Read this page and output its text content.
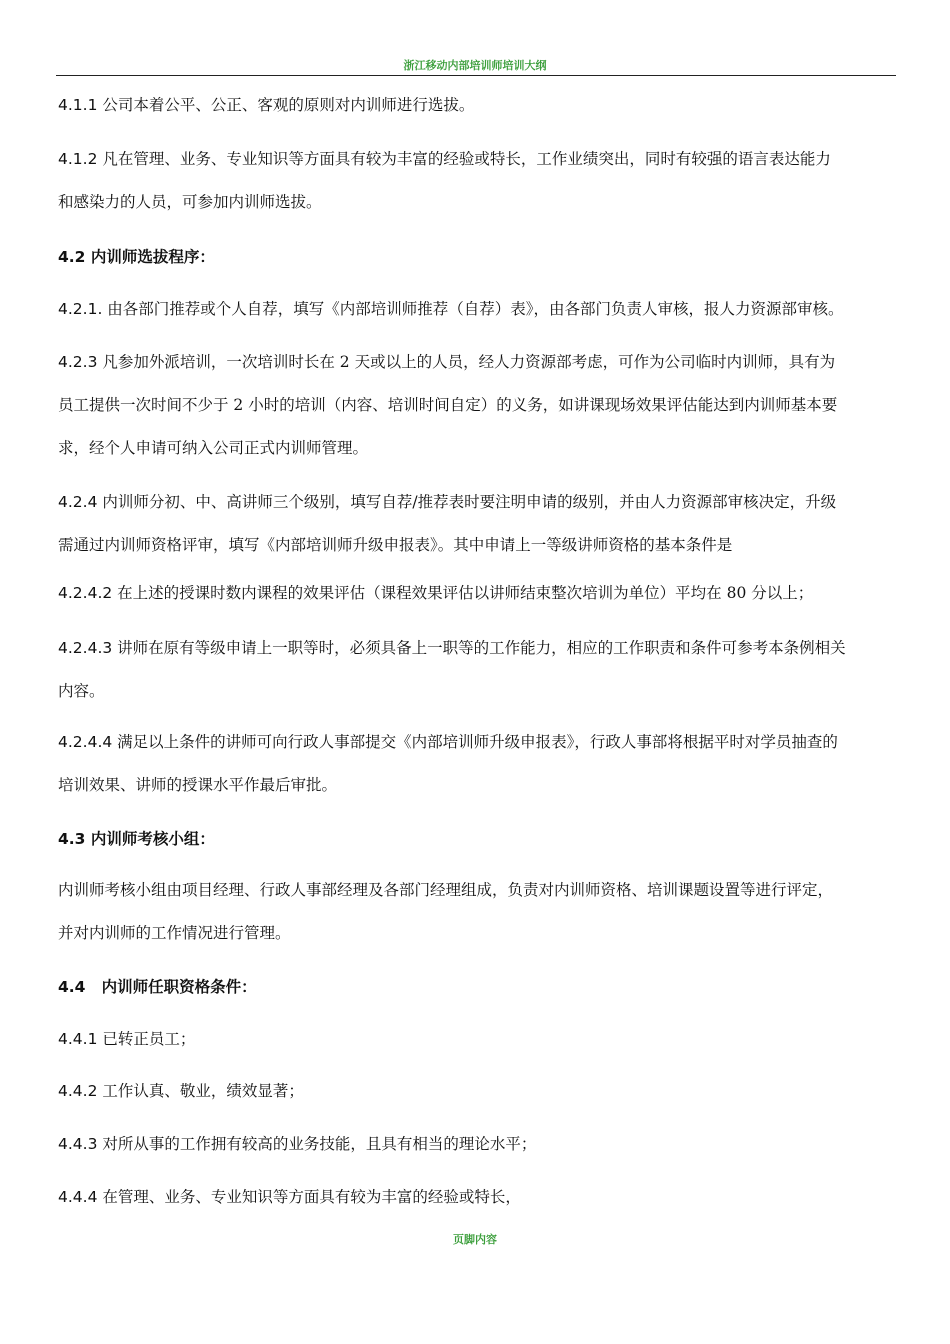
浙江移动内部培训师培训大纲
4.1.1 公司本着公平、公正、客观的原则对内训师进行选拔。
4.1.2 凡在管理、业务、专业知识等方面具有较为丰富的经验或特长，工作业绩突出，同时有较强的语言表达能力
和感染力的人员，可参加内训师选拔。
4.2 内训师选拔程序：
4.2.1. 由各部门推荐或个人自荐，填写《内部培训师推荐（自荐）表》，由各部门负责人审核，报人力资源部审核。
4.2.3 凡参加外派培训，一次培训时长在 2 天或以上的人员，经人力资源部考虑，可作为公司临时内训师，具有为
员工提供一次时间不少于 2 小时的培训（内容、培训时间自定）的义务，如讲课现场效果评估能达到内训师基本要
求，经个人申请可纳入公司正式内训师管理。
4.2.4 内训师分初、中、高讲师三个级别，填写自荐/推荐表时要注明申请的级别，并由人力资源部审核决定，升级
需通过内训师资格评审，填写《内部培训师升级申报表》。其中申请上一等级讲师资格的基本条件是
4.2.4.2 在上述的授课时数内课程的效果评估（课程效果评估以讲师结束整次培训为单位）平均在 80 分以上；
4.2.4.3 讲师在原有等级申请上一职等时，必须具备上一职等的工作能力，相应的工作职责和条件可参考本条例相关
内容。
4.2.4.4 满足以上条件的讲师可向行政人事部提交《内部培训师升级申报表》，行政人事部将根据平时对学员抽查的
培训效果、讲师的授课水平作最后审批。
4.3 内训师考核小组：
内训师考核小组由项目经理、行政人事部经理及各部门经理组成，负责对内训师资格、培训课题设置等进行评定，
并对内训师的工作情况进行管理。
4.4   内训师任职资格条件：
4.4.1 已转正员工；
4.4.2 工作认真、敬业，绩效显著；
4.4.3 对所从事的工作拥有较高的业务技能，且具有相当的理论水平；
4.4.4 在管理、业务、专业知识等方面具有较为丰富的经验或特长，
页脚内容
